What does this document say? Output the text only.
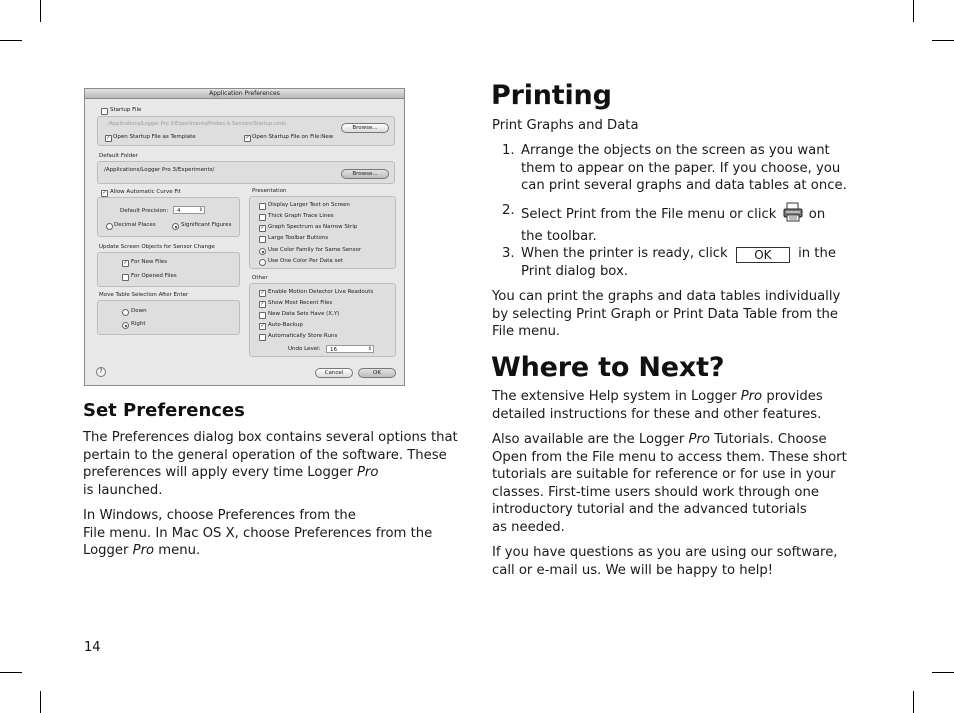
Application Preferences
Startup File
/Applications/Logger Pro 3/Experiments/Probes & Sensors/Startup.cmbl
Browse...
✓
Open Startup File as Template
✓	Open Startup File on File:New
Default Folder
/Applications/Logger Pro 3/Experiments/
Browse...
✓
Allow Automatic Curve Fit
Default Precision:	4	⇕
Decimal Places	Significant Figures
Update Screen Objects for Sensor Change
✓
For New Files
For Opened Files
Move Table Selection After Enter
Down
Right
Presentation
Display Larger Text on Screen
Thick Graph Trace Lines
✓
Graph Spectrum as Narrow Strip
Large Toolbar Buttons
Use Color Family for Same Sensor
Use One Color Per Data set
Other
✓
Enable Motion Detector Live Readouts
✓
Show Most Recent Files
New Data Sets Have (X,Y)
✓
Auto-Backup
Automatically Store Runs
Undo Level:	16	⇕
?	Cancel	OK
Set Preferences

The Preferences dialog box contains several options that
pertain to the general operation of the software. These
preferences will apply every time Logger Pro
is launched.

In Windows, choose Preferences from the
File menu. In Mac OS X, choose Preferences from the
Logger Pro menu.

Printing

Print Graphs and Data

1. Arrange the objects on the screen as you want
them to appear on the paper. If you choose, you
can print several graphs and data tables at once.

2. Select Print from the File menu or click on
the toolbar.

3. When the printer is ready, click OK in the
Print dialog box.

You can print the graphs and data tables individually
by selecting Print Graph or Print Data Table from the
File menu.

Where to Next?

The extensive Help system in Logger Pro provides
detailed instructions for these and other features.

Also available are the Logger Pro Tutorials. Choose
Open from the File menu to access them. These short
tutorials are suitable for reference or for use in your
classes. First-time users should work through one
introductory tutorial and the advanced tutorials
as needed.

If you have questions as you are using our software,
call or e-mail us. We will be happy to help!

14
